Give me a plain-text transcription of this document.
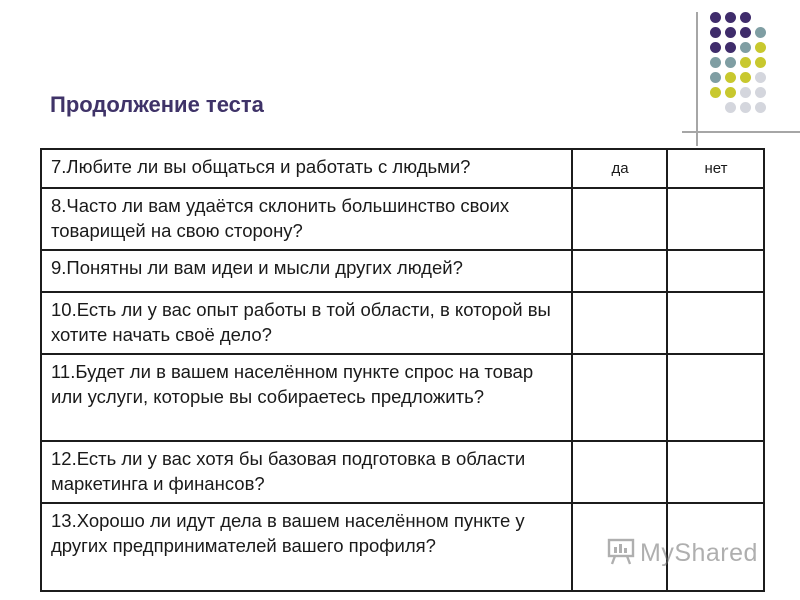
Продолжение теста
7.Любите ли вы общаться и работать с людьми?	да	нет
8.Часто ли вам удаётся склонить большинство своих товарищей на свою сторону?		
9.Понятны ли вам идеи и мысли других людей?		
10.Есть ли у вас опыт работы в той области, в которой вы хотите начать своё дело?		
11.Будет ли в вашем населённом пункте спрос на товар или услуги, которые вы собираетесь предложить?		
12.Есть ли у вас хотя бы базовая подготовка в области маркетинга и финансов?		
13.Хорошо ли идут дела в вашем населённом пункте у других предпринимателей вашего профиля?			MyShared
